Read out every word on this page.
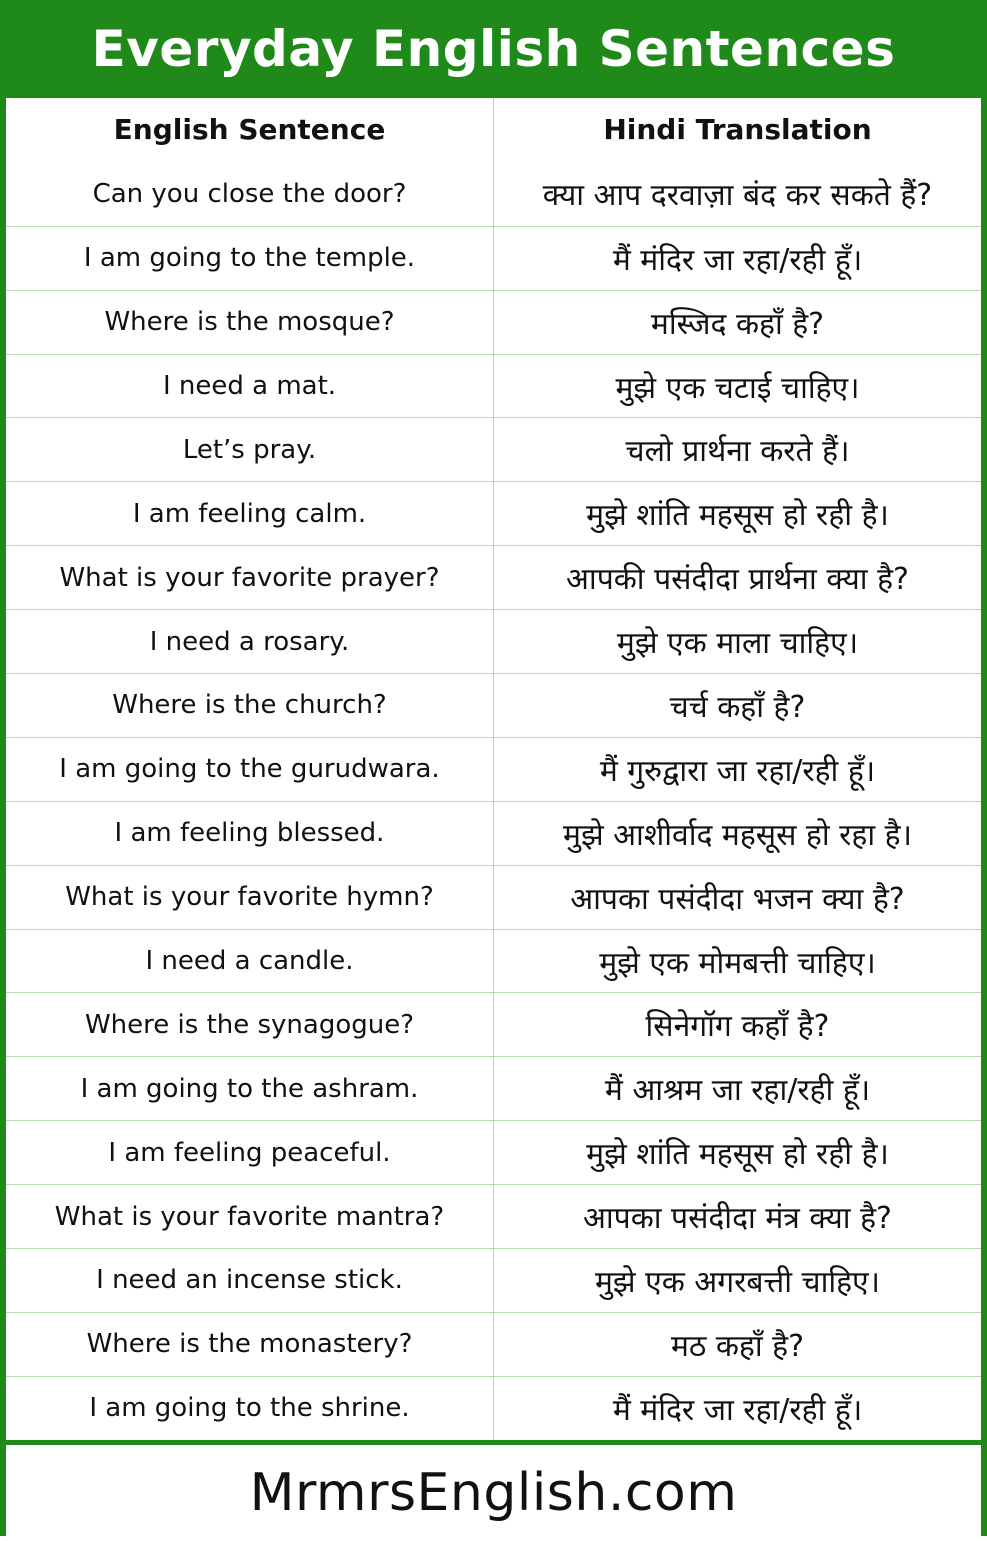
Everyday English Sentences
English Sentence	Hindi Translation
Can you close the door?	क्या आप दरवाज़ा बंद कर सकते हैं?
I am going to the temple.	मैं मंदिर जा रहा/रही हूँ।
Where is the mosque?	मस्जिद कहाँ है?
I need a mat.	मुझे एक चटाई चाहिए।
Let’s pray.	चलो प्रार्थना करते हैं।
I am feeling calm.	मुझे शांति महसूस हो रही है।
What is your favorite prayer?	आपकी पसंदीदा प्रार्थना क्या है?
I need a rosary.	मुझे एक माला चाहिए।
Where is the church?	चर्च कहाँ है?
I am going to the gurudwara.	मैं गुरुद्वारा जा रहा/रही हूँ।
I am feeling blessed.	मुझे आशीर्वाद महसूस हो रहा है।
What is your favorite hymn?	आपका पसंदीदा भजन क्या है?
I need a candle.	मुझे एक मोमबत्ती चाहिए।
Where is the synagogue?	सिनेगॉग कहाँ है?
I am going to the ashram.	मैं आश्रम जा रहा/रही हूँ।
I am feeling peaceful.	मुझे शांति महसूस हो रही है।
What is your favorite mantra?	आपका पसंदीदा मंत्र क्या है?
I need an incense stick.	मुझे एक अगरबत्ती चाहिए।
Where is the monastery?	मठ कहाँ है?
I am going to the shrine.	मैं मंदिर जा रहा/रही हूँ।
MrmrsEnglish.com
